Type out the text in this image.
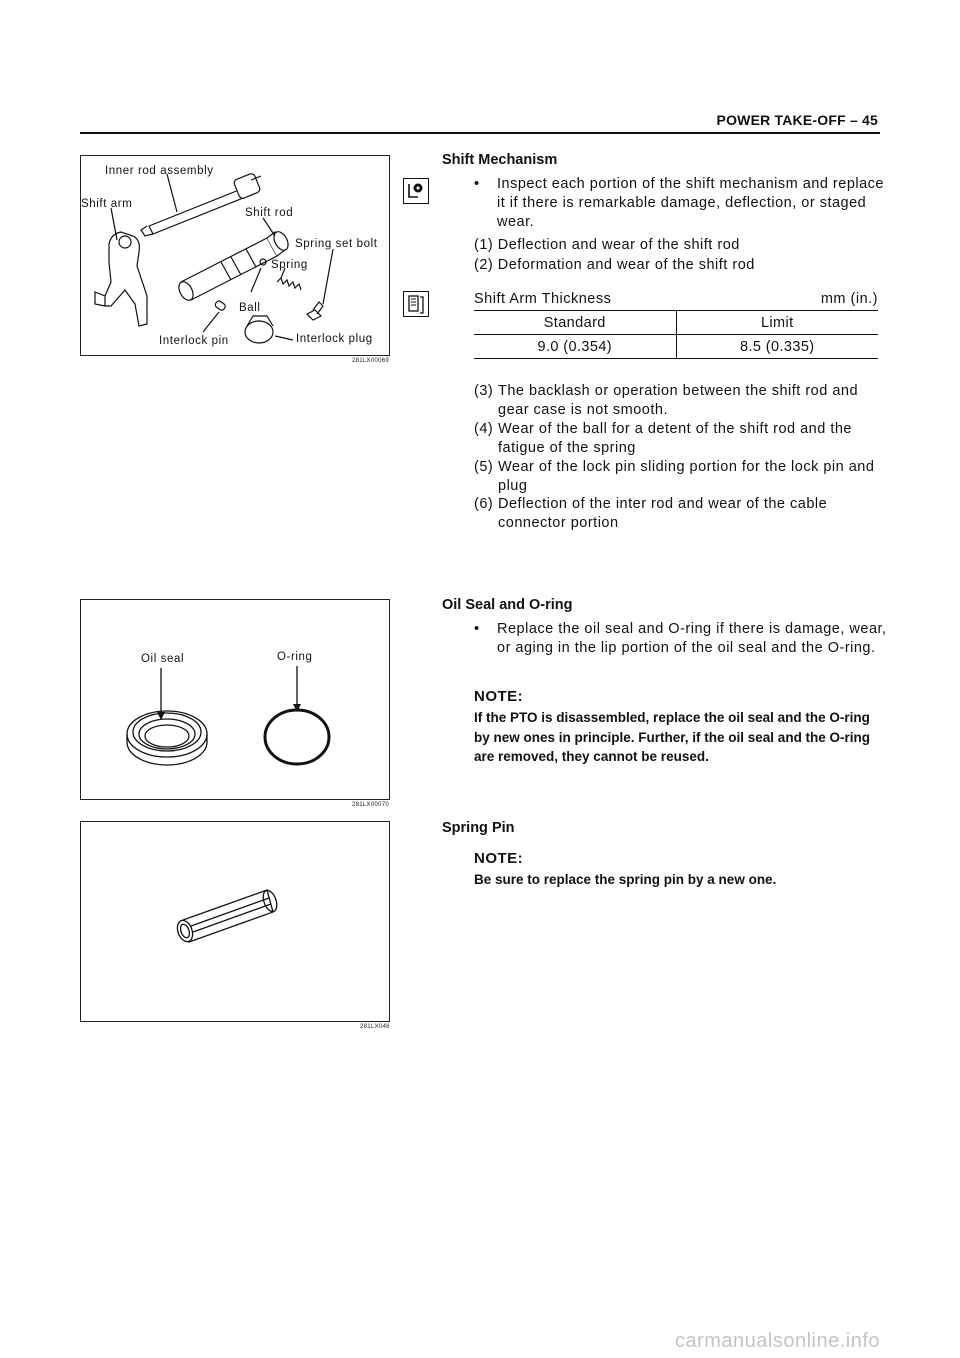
POWER TAKE-OFF – 45
Inner rod assembly
Shift arm
Shift rod
Spring set bolt
Spring
Ball
Interlock pin	Interlock plug
281LX00069
Shift Mechanism
• Inspect each portion of the shift mechanism and replace it if there is remarkable damage, deflection, or staged wear.
(1) Deflection and wear of the shift rod
(2) Deformation and wear of the shift rod
Shift Arm Thickness	mm (in.)
Standard	Limit
9.0 (0.354)	8.5 (0.335)
(3) The backlash or operation between the shift rod and gear case is not smooth.
(4) Wear of the ball for a detent of the shift rod and the fatigue of the spring
(5) Wear of the lock pin sliding portion for the lock pin and plug
(6) Deflection of the inter rod and wear of the cable connector portion
Oil seal	O-ring
281LX00070
Oil Seal and O-ring
• Replace the oil seal and O-ring if there is damage, wear, or aging in the lip portion of the oil seal and the O-ring.
NOTE:
If the PTO is disassembled, replace the oil seal and the O-ring by new ones in principle. Further, if the oil seal and the O-ring are removed, they cannot be reused.
281LX046
Spring Pin
NOTE:
Be sure to replace the spring pin by a new one.
carmanualsonline.info
